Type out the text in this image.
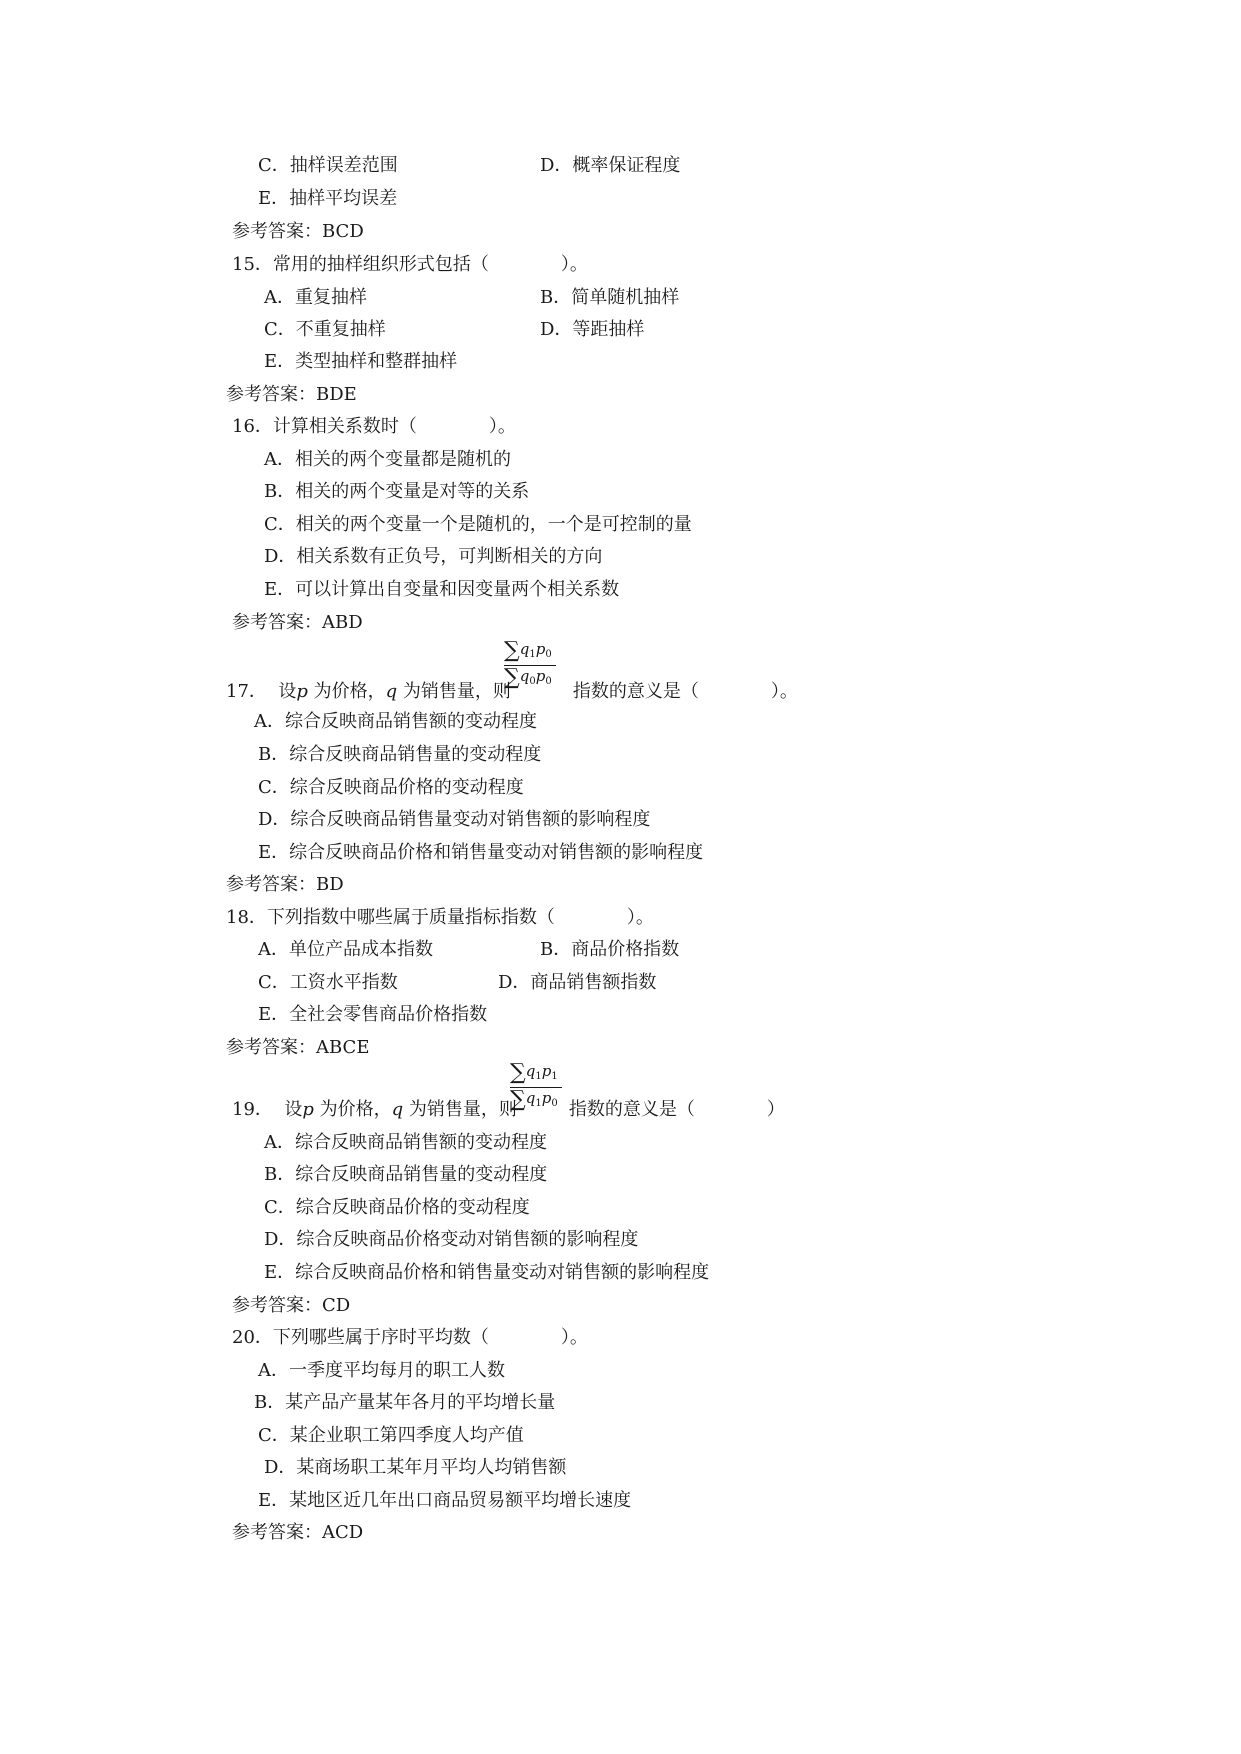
C．抽样误差范围	D．概率保证程度
E．抽样平均误差
参考答案：BCD
15．常用的抽样组织形式包括（　　　　）。
A．重复抽样	B．简单随机抽样
C．不重复抽样	D．等距抽样
E．类型抽样和整群抽样
参考答案：BDE
16．计算相关系数时（　　　　）。
A．相关的两个变量都是随机的
B．相关的两个变量是对等的关系
C．相关的两个变量一个是随机的，一个是可控制的量
D．相关系数有正负号，可判断相关的方向
E．可以计算出自变量和因变量两个相关系数
参考答案：ABD
$\frac{\sum q_1p_0}{\sum q_0p_0}$
17． 设p 为价格，q 为销售量，则	指数的意义是（　　　　）。
A．综合反映商品销售额的变动程度
B．综合反映商品销售量的变动程度
C．综合反映商品价格的变动程度
D．综合反映商品销售量变动对销售额的影响程度
E．综合反映商品价格和销售量变动对销售额的影响程度
参考答案：BD
18．下列指数中哪些属于质量指标指数（　　　　）。
A．单位产品成本指数	B．商品价格指数
C．工资水平指数	D．商品销售额指数
E．全社会零售商品价格指数
参考答案：ABCE
$\frac{\sum q_1p_1}{\sum q_1p_0}$
19． 设p 为价格，q 为销售量，则	指数的意义是（　　　　）
A．综合反映商品销售额的变动程度
B．综合反映商品销售量的变动程度
C．综合反映商品价格的变动程度
D．综合反映商品价格变动对销售额的影响程度
E．综合反映商品价格和销售量变动对销售额的影响程度
参考答案：CD
20．下列哪些属于序时平均数（　　　　）。
A．一季度平均每月的职工人数
B．某产品产量某年各月的平均增长量
C．某企业职工第四季度人均产值
D．某商场职工某年月平均人均销售额
E．某地区近几年出口商品贸易额平均增长速度
参考答案：ACD
